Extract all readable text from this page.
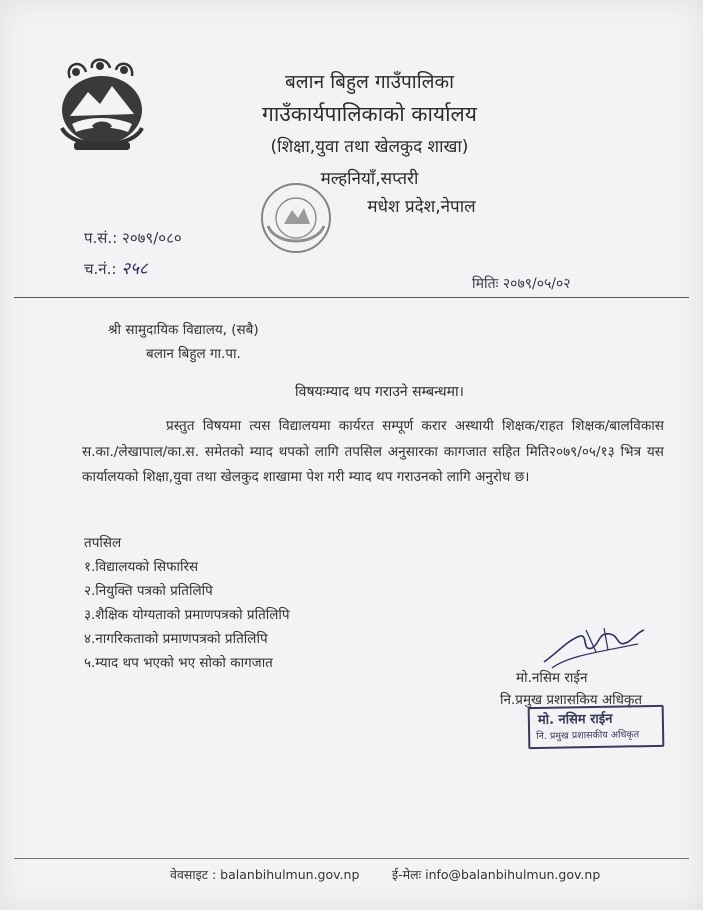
बलान बिहुल गाउँपालिका
गाउँकार्यपालिकाको कार्यालय
(शिक्षा,युवा तथा खेलकुद शाखा)
मल्हनियाँ,सप्तरी
मधेश प्रदेश,नेपाल
प.सं.: २०७९/०८०
च.नं.: २५८
मितिः २०७९/०५/०२
श्री सामुदायिक विद्यालय, (सबै)
बलान बिहुल गा.पा.
विषयःम्याद थप गराउने सम्बन्धमा।
प्रस्तुत विषयमा त्यस विद्यालयमा कार्यरत सम्पूर्ण करार अस्थायी शिक्षक/राहत शिक्षक/बालविकास स.का./लेखापाल/का.स. समेतको म्याद थपको लागि तपसिल अनुसारका कागजात सहित मिति२०७९/०५/१३ भित्र यस कार्यालयको शिक्षा,युवा तथा खेलकुद शाखामा पेश गरी म्याद थप गराउनको लागि अनुरोध छ।
तपसिल
१.विद्यालयको सिफारिस
२.नियुक्ति पत्रको प्रतिलिपि
३.शैक्षिक योग्यताको प्रमाणपत्रको प्रतिलिपि
४.नागरिकताको प्रमाणपत्रको प्रतिलिपि
५.म्याद थप भएको भए सोको कागजात
मो.नसिम राईन
नि.प्रमुख प्रशासकिय अधिकृत
मो. नसिम राईन
नि. प्रमुख प्रशासकीय अधिकृत
वेवसाइट : balanbihulmun.gov.np	ई-मेलः info@balanbihulmun.gov.np
